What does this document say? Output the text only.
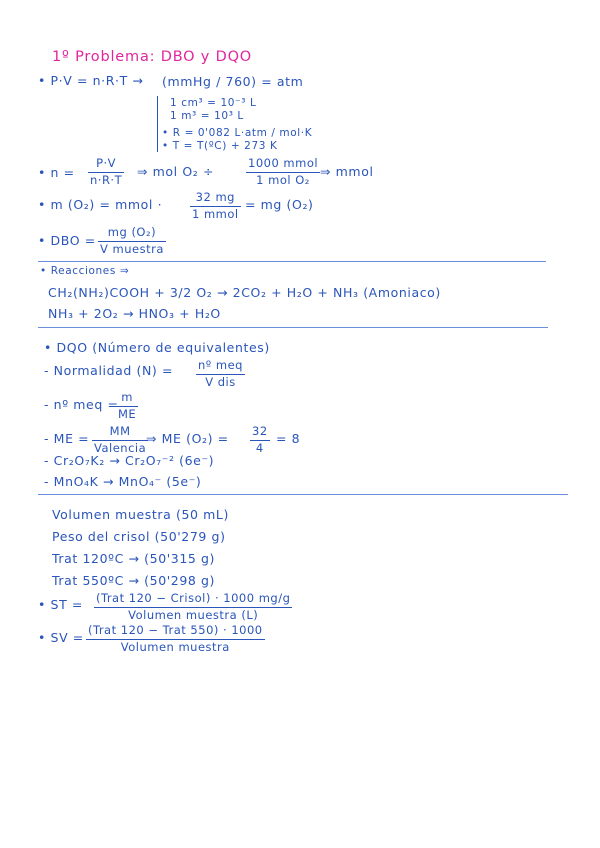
1º Problema: DBO y DQO
• P·V = n·R·T → (mmHg / 760) = atm
1 cm³ = 10⁻³ L
1 m³ = 10³ L
• R = 0'082 L·atm / mol·K
• T = T(ºC) + 273 K
• n =
P·V
n·R·T
⇒ mol O₂ ÷
1000 mmol
1 mol O₂
⇒ mmol
• m (O₂) = mmol ·	32 mg
1 mmol
= mg (O₂)
• DBO =
mg (O₂)
V muestra
• Reacciones ⇒
CH₂(NH₂)COOH + 3/2 O₂ → 2CO₂ + H₂O + NH₃ (Amoniaco)
NH₃ + 2O₂ → HNO₃ + H₂O
• DQO (Número de equivalentes)
- Normalidad (N) = nº meq
V dis
- nº meq = m
ME
- ME = MM
Valencia
⇒ ME (O₂) = 32
4
= 8
- Cr₂O₇K₂ → Cr₂O₇⁻² (6e⁻)
- MnO₄K → MnO₄⁻ (5e⁻)
Volumen muestra (50 mL)
Peso del crisol (50'279 g)
Trat 120ºC → (50'315 g)
Trat 550ºC → (50'298 g)
• ST = (Trat 120 − Crisol) · 1000 mg/g
Volumen muestra (L)
• SV = (Trat 120 − Trat 550) · 1000
Volumen muestra
